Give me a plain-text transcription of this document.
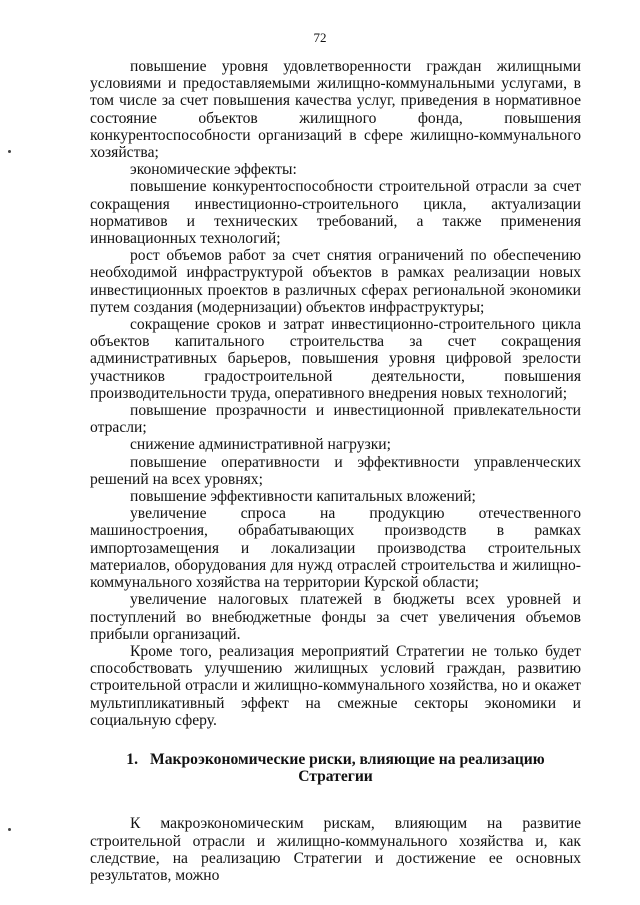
72

повышение уровня удовлетворенности граждан жилищными условиями и предоставляемыми жилищно-коммунальными услугами, в том числе за счет повышения качества услуг, приведения в нормативное состояние объектов жилищного фонда, повышения конкурентоспособности организаций в сфере жилищно-коммунального хозяйства;

экономические эффекты:

повышение конкурентоспособности строительной отрасли за счет сокращения инвестиционно-строительного цикла, актуализации нормативов и технических требований, а также применения инновационных технологий;

рост объемов работ за счет снятия ограничений по обеспечению необходимой инфраструктурой объектов в рамках реализации новых инвестиционных проектов в различных сферах региональной экономики путем создания (модернизации) объектов инфраструктуры;

сокращение сроков и затрат инвестиционно-строительного цикла объектов капитального строительства за счет сокращения административных барьеров, повышения уровня цифровой зрелости участников градостроительной деятельности, повышения производительности труда, оперативного внедрения новых технологий;

повышение прозрачности и инвестиционной привлекательности отрасли;

снижение административной нагрузки;

повышение оперативности и эффективности управленческих решений на всех уровнях;

повышение эффективности капитальных вложений;

увеличение спроса на продукцию отечественного машиностроения, обрабатывающих производств в рамках импортозамещения и локализации производства строительных материалов, оборудования для нужд отраслей строительства и жилищно-коммунального хозяйства на территории Курской области;

увеличение налоговых платежей в бюджеты всех уровней и поступлений во внебюджетные фонды за счет увеличения объемов прибыли организаций.

Кроме того, реализация мероприятий Стратегии не только будет способствовать улучшению жилищных условий граждан, развитию строительной отрасли и жилищно-коммунального хозяйства, но и окажет мультипликативный эффект на смежные секторы экономики и социальную сферу.

1. Макроэкономические риски, влияющие на реализацию
Стратегии

К макроэкономическим рискам, влияющим на развитие строительной отрасли и жилищно-коммунального хозяйства и, как следствие, на реализацию Стратегии и достижение ее основных результатов, можно
